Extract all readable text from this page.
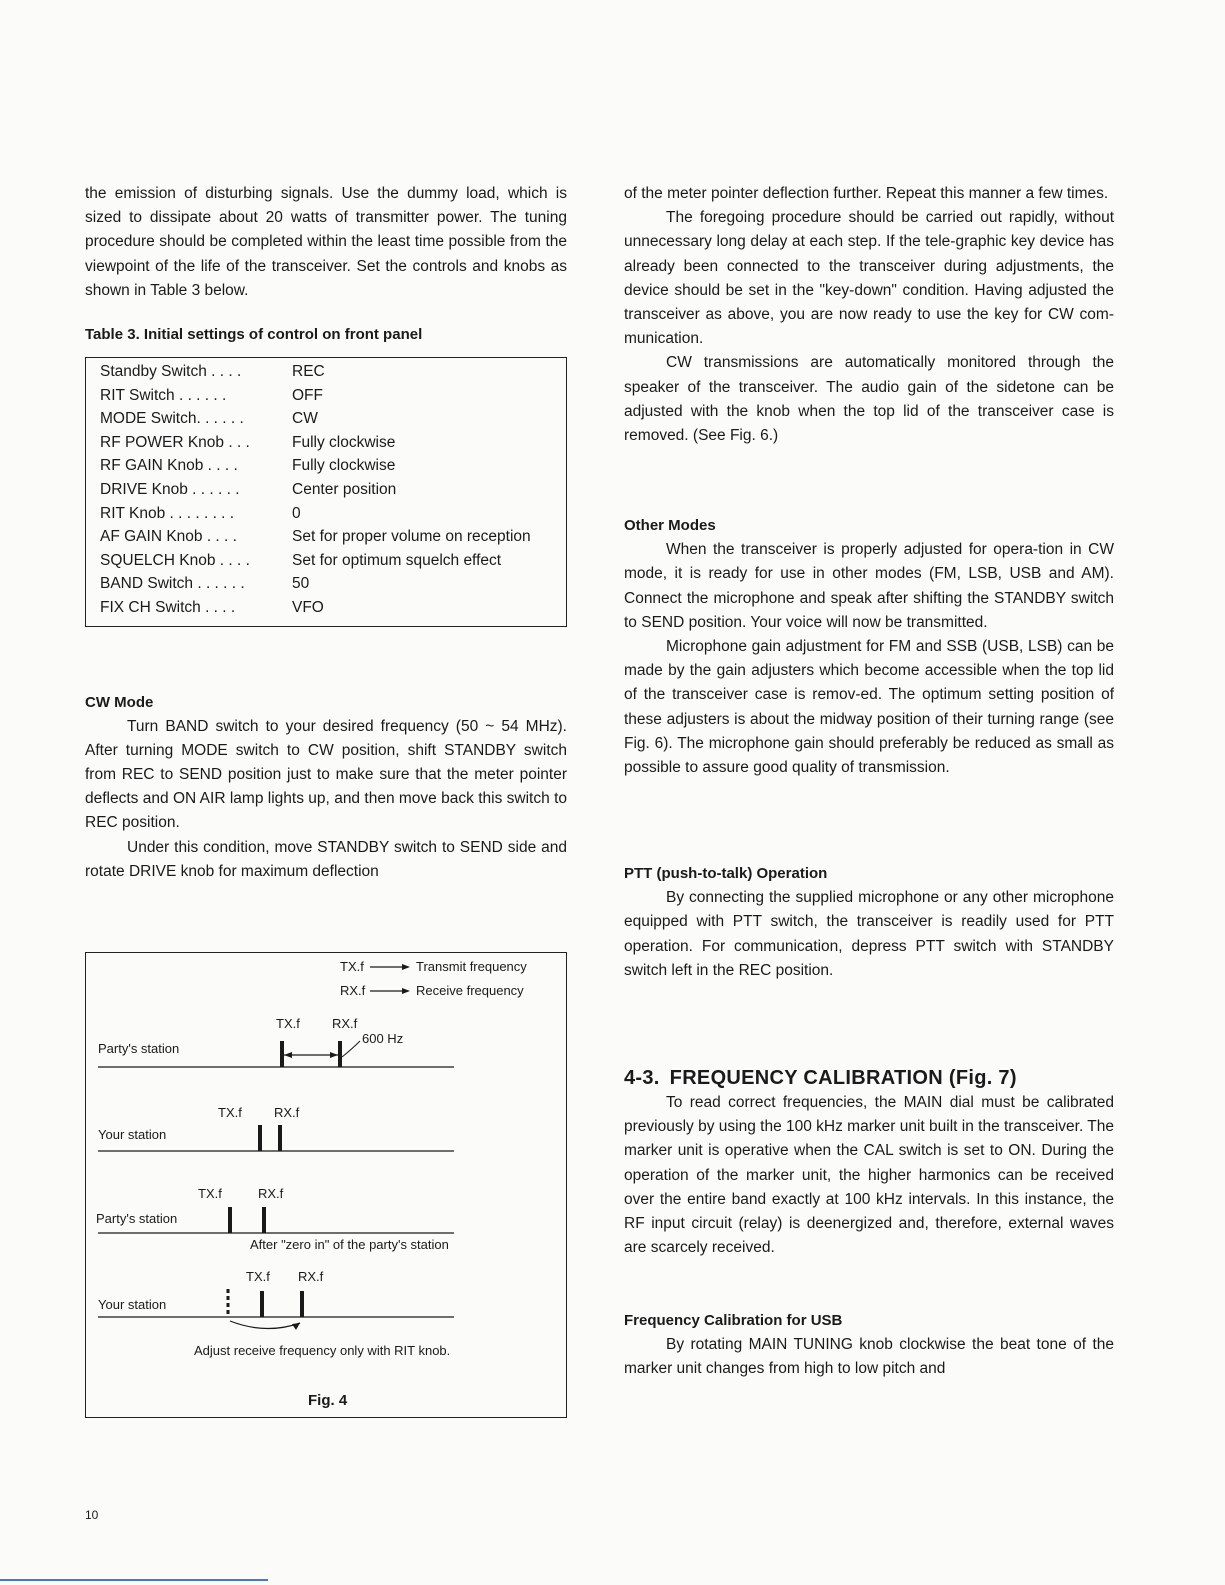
the emission of disturbing signals. Use the dummy load, which is sized to dissipate about 20 watts of transmitter power. The tuning procedure should be completed within the least time possible from the viewpoint of the life of the transceiver. Set the controls and knobs as shown in Table 3 below.

Table 3. Initial settings of control on front panel
Standby Switch . . . .	REC
RIT Switch . . . . . .	OFF
MODE Switch. . . . . .	CW
RF POWER Knob . . .	Fully clockwise
RF GAIN Knob . . . .	Fully clockwise
DRIVE Knob . . . . . .	Center position
RIT Knob . . . . . . . .	0
AF GAIN Knob . . . .	Set for proper volume on reception
SQUELCH Knob . . . .	Set for optimum squelch effect
BAND Switch . . . . . .	50
FIX CH Switch . . . .	VFO
CW Mode

Turn BAND switch to your desired frequency (50 ~ 54 MHz). After turning MODE switch to CW position, shift STANDBY switch from REC to SEND position just to make sure that the meter pointer deflects and ON AIR lamp lights up, and then move back this switch to REC position.

Under this condition, move STANDBY switch to SEND side and rotate DRIVE knob for maximum deflection

TX.f	Transmit frequency
RX.f	Receive frequency
TX.f RX.f
Party's station
600 Hz
TX.f RX.f
Your station
TX.f	RX.f
Party's station
After "zero in" of the party's station
TX.f RX.f
Your station
Adjust receive frequency only with RIT knob.
Fig. 4

of the meter pointer deflection further. Repeat this manner a few times.

The foregoing procedure should be carried out rapidly, without unnecessary long delay at each step. If the tele-graphic key device has already been connected to the transceiver during adjustments, the device should be set in the "key-down" condition. Having adjusted the transceiver as above, you are now ready to use the key for CW com-munication.

CW transmissions are automatically monitored through the speaker of the transceiver. The audio gain of the sidetone can be adjusted with the knob when the top lid of the transceiver case is removed. (See Fig. 6.)

Other Modes

When the transceiver is properly adjusted for opera-tion in CW mode, it is ready for use in other modes (FM, LSB, USB and AM). Connect the microphone and speak after shifting the STANDBY switch to SEND position. Your voice will now be transmitted.

Microphone gain adjustment for FM and SSB (USB, LSB) can be made by the gain adjusters which become accessible when the top lid of the transceiver case is remov-ed. The optimum setting position of these adjusters is about the midway position of their turning range (see Fig. 6). The microphone gain should preferably be reduced as small as possible to assure good quality of transmission.

PTT (push-to-talk) Operation

By connecting the supplied microphone or any other microphone equipped with PTT switch, the transceiver is readily used for PTT operation. For communication, depress PTT switch with STANDBY switch left in the REC position.

4-3. FREQUENCY CALIBRATION (Fig. 7)

To read correct frequencies, the MAIN dial must be calibrated previously by using the 100 kHz marker unit built in the transceiver. The marker unit is operative when the CAL switch is set to ON. During the operation of the marker unit, the higher harmonics can be received over the entire band exactly at 100 kHz intervals. In this instance, the RF input circuit (relay) is deenergized and, therefore, external waves are scarcely received.

Frequency Calibration for USB

By rotating MAIN TUNING knob clockwise the beat tone of the marker unit changes from high to low pitch and

10
